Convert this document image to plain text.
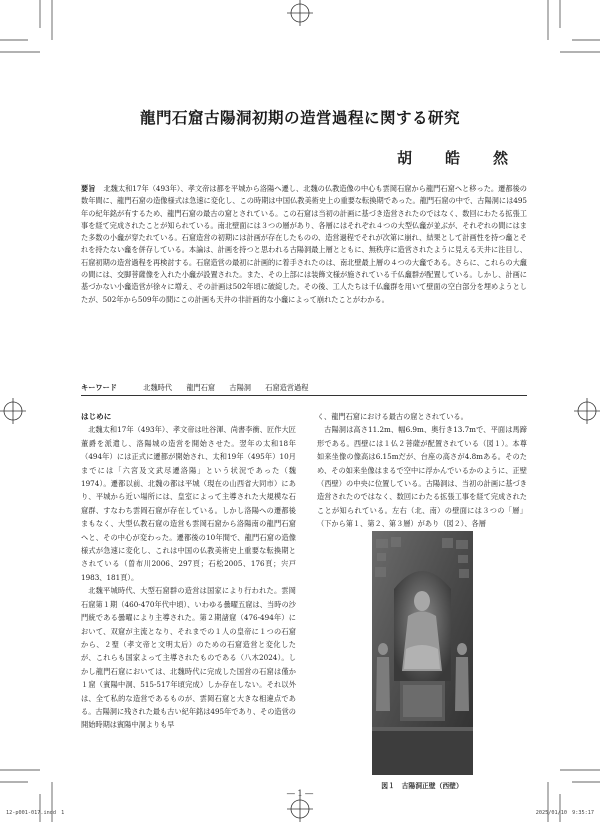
龍門石窟古陽洞初期の造営過程に関する研究
胡　皓　然
要旨 北魏太和17年（493年）、孝文帝は都を平城から洛陽へ遷し、北魏の仏教造像の中心も雲岡石窟から龍門石窟へと移った。遷都後の数年間に、龍門石窟の造像様式は急速に変化し、この時期は中国仏教美術史上の重要な転換期であった。龍門石窟の中で、古陽洞には495年の紀年銘が有するため、龍門石窟の最古の窟とされている。この石窟は当初の計画に基づき造営されたのではなく、数回にわたる拡張工事を経て完成されたことが知られている。南北壁面には３つの層があり、各層にはそれぞれ４つの大型仏龕が並ぶが、それぞれの間にはまた多数の小龕が穿たれている。石窟造営の初期には計画が存在したものの、造営過程でそれが次第に崩れ、結果として計画性を持つ龕とそれを持たない龕を併存している。本論は、計画を持つと思われる古陽洞最上層とともに、無秩序に造営されたように見える天井に注目し、石窟初期の造営過程を再検討する。石窟造営の最初に計画的に着手されたのは、南北壁最上層の４つの大龕である。さらに、これらの大龕の間には、交脚菩薩像を入れた小龕が設置された。また、その上部には装飾文様が施されている千仏龕群が配置している。しかし、計画に基づかない小龕造営が徐々に増え、その計画は502年頃に破綻した。その後、工人たちは千仏龕群を用いて壁面の空白部分を埋めようとしたが、502年から509年の間にこの計画も天井の非計画的な小龕によって崩れたことがわかる。
キーワード	北魏時代 龍門石窟 古陽洞 石窟造営過程

はじめに

北魏太和17年（493年）、孝文帝は吐谷渾、尚書李衝、匠作大匠董爵を派遣し、洛陽城の造営を開始させた。翌年の太和18年（494年）には正式に遷都が開始され、太和19年（495年）10月までには「六宮及文武尽遷洛陽」という状況であった（魏1974）。遷都以前、北魏の都は平城（現在の山西省大同市）にあり、平城から近い場所には、皇室によって主導された大規模な石窟群、すなわち雲岡石窟が存在している。しかし洛陽への遷都後まもなく、大型仏教石窟の造営も雲岡石窟から洛陽南の龍門石窟へと、その中心が変わった。遷都後の10年間で、龍門石窟の造像様式が急速に変化し、これは中国の仏教美術史上重要な転換期とされている（曽布川2006、297頁；石松2005、176頁；宍戸1983、181頁）。

北魏平城時代、大型石窟群の造営は国家により行われた。雲岡石窟第１期（460-470年代中頃）、いわゆる曇曜五窟は、当時の沙門統である曇曜により主導された。第２期諸窟（476-494年）において、双窟が主流となり、それまでの１人の皇帝に１つの石窟から、２聖（孝文帝と文明太后）のための石窟造営と変化したが、これらも国家よって主導されたものである（八木2024）。しかし龍門石窟においては、北魏時代に完成した国営の石窟は僅か１窟（賓陽中洞、515-517年頃完成）しか存在しない。それ以外は、全て私的な造営であるものが、雲岡石窟と大きな相違点である。古陽洞に残された最も古い紀年銘は495年であり、その造営の開始時期は賓陽中洞よりも早

く、龍門石窟における最古の窟とされている。

古陽洞は高さ11.2m、幅6.9m、奥行き13.7mで、平面は馬蹄形である。西壁には１仏２菩薩が配置されている（図１）。本尊如来坐像の像高は6.15mだが、台座の高さが4.8mある。そのため、その如来坐像はまるで空中に浮かんでいるかのように、正壁（西壁）の中央に位置している。古陽洞は、当初の計画に基づき造営されたのではなく、数回にわたる拡張工事を経て完成されたことが知られている。左右（北、南）の壁面には３つの「層」（下から第１、第２、第３層）があり（図２）、各層

図１　古陽洞正壁（西壁）
― 1 ―
12-p001-017.indd　1	2025/01/10　9:35:17
